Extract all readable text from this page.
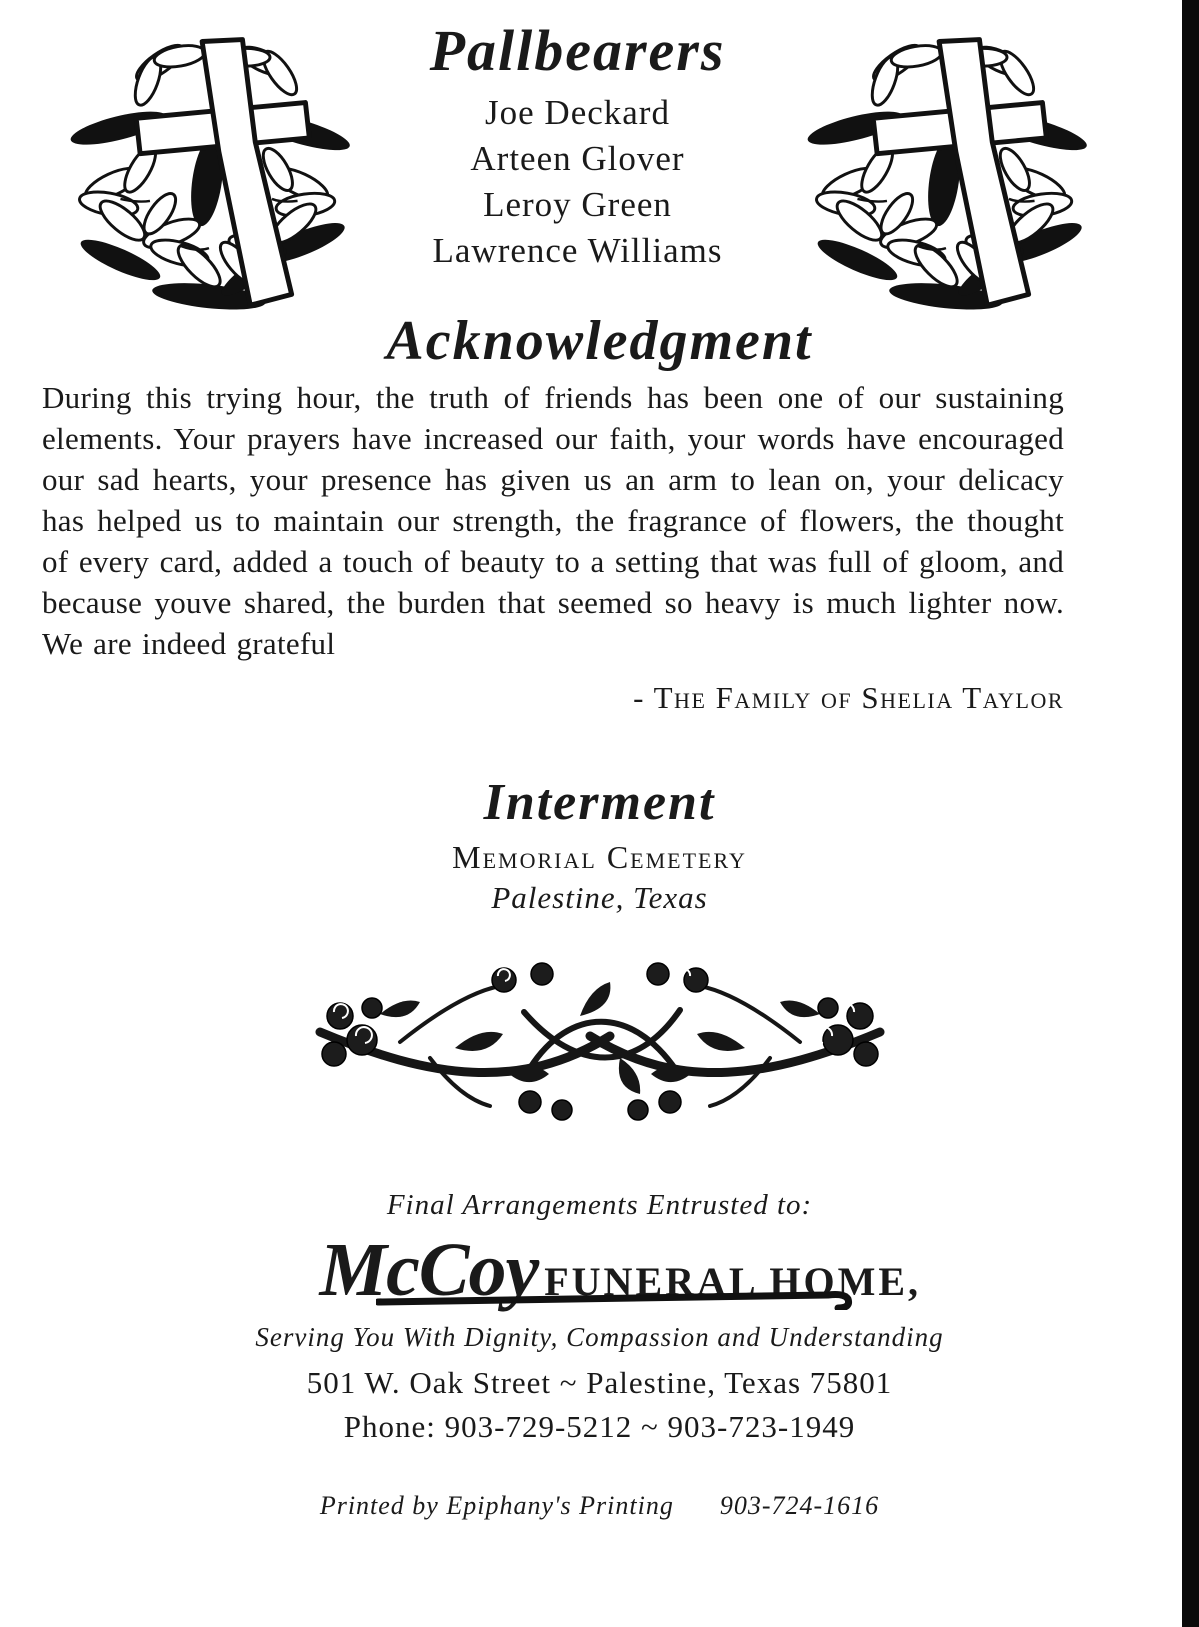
Pallbearers
Joe Deckard
Arteen Glover
Leroy Green
Lawrence Williams
Acknowledgment
During this trying hour, the truth of friends has been one of our sustaining elements. Your prayers have increased our faith, your words have encouraged our sad hearts, your presence has given us an arm to lean on, your delicacy has helped us to maintain our strength, the fragrance of flowers, the thought of every card, added a touch of beauty to a setting that was full of gloom, and because youve shared, the burden that seemed so heavy is much lighter now. We are indeed grateful
- The Family of Shelia Taylor
Interment
Memorial Cemetery
Palestine, Texas
Final Arrangements Entrusted to:
McCoy FUNERAL HOME,
Serving You With Dignity, Compassion and Understanding
501 W. Oak Street ~ Palestine, Texas 75801
Phone: 903-729-5212 ~ 903-723-1949
Printed by Epiphany's Printing 903-724-1616
